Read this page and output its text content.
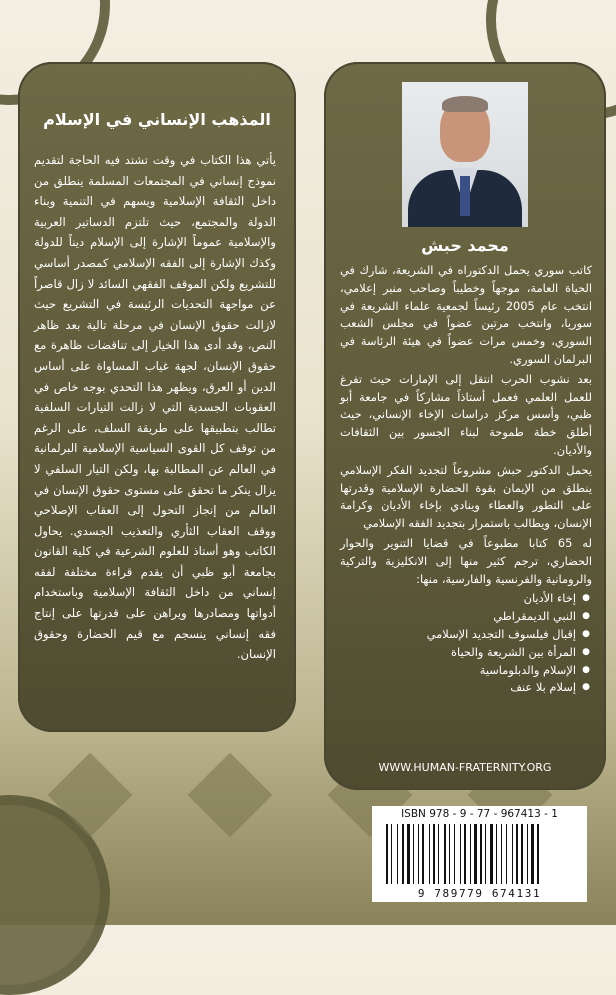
المذهب الإنساني في الإسلام
يأتي هذا الكتاب في وقت تشتد فيه الحاجة لتقديم نموذج إنساني في المجتمعات المسلمة ينطلق من داخل الثقافة الإسلامية ويسهم في التنمية وبناء الدولة والمجتمع، حيث تلتزم الدساتير العربية والإسلامية عموماً الإشارة إلى الإسلام ديناً للدولة وكذك الإشارة إلى الفقه الإسلامي كمصدر أساسي للتشريع ولكن الموقف الفقهي السائد لا زال قاصراً عن مواجهة التحديات الرئيسة في التشريع حيث لازالت حقوق الإنسان في مرحلة تالية بعد ظاهر النص، وقد أدى هذا الخيار إلى تناقضات ظاهرة مع حقوق الإنسان، لجهة غياب المساواة على أساس الدين أو العرق، ويظهر هذا التحدي بوجه خاص في العقوبات الجسدية التي لا زالت التيارات السلفية تطالب بتطبيقها على طريقة السلف، على الرغم من توقف كل القوى السياسية الإسلامية البرلمانية في العالم عن المطالبة بها، ولكن التيار السلفي لا يزال ينكر ما تحقق على مستوى حقوق الإنسان في العالم من إنجاز التحول إلى العقاب الإصلاحي ووقف العقاب الثأري والتعذيب الجسدي. يحاول الكاتب وهو أستاذ للعلوم الشرعية في كلية القانون بجامعة أبو ظبي أن يقدم قراءة مختلفة لفقه إنساني من داخل الثقافة الإسلامية وباستخدام أدواتها ومصادرها ويراهن على قدرتها على إنتاج فقه إنساني ينسجم مع قيم الحضارة وحقوق الإنسان.
محمد حبش

كاتب سوري يحمل الدكتوراه في الشريعة، شارك في الحياة العامة، موجهاً وخطيباً وصاحب منبر إعلامي، انتخب عام 2005 رئيساً لجمعية علماء الشريعة في سوريا، وانتخب مرتين عضواً في مجلس الشعب السوري، وخمس مرات عضواً في هيئة الرئاسة في البرلمان السوري.

بعد نشوب الحرب انتقل إلى الإمارات حيث تفرغ للعمل العلمي فعمل أستاذاً مشاركاً في جامعة أبو ظبي، وأسس مركز دراسات الإخاء الإنساني، حيث أطلق خطة طموحة لبناء الجسور بين الثقافات والأديان.

يحمل الدكتور حبش مشروعاً لتجديد الفكر الإسلامي ينطلق من الإيمان بقوة الحضارة الإسلامية وقدرتها على التطور والعطاء وينادي بإخاء الأديان وكرامة الإنسان، ويطالب باستمرار بتجديد الفقه الإسلامي

له 65 كتابا مطبوعاً في قضايا التنوير والحوار الحضاري، ترجم كثير منها إلى الانكليزية والتركية والرومانية والفرنسية والفارسية، منها:

● إخاء الأديان
● النبي الديمقراطي
● إقبال فيلسوف التجديد الإسلامي
● المرأة بين الشريعة والحياة
● الإسلام والدبلوماسية
● إسلام بلا عنف
WWW.HUMAN-FRATERNITY.ORG
ISBN 978 - 9 - 77 - 967413 - 1
9 789779 674131
